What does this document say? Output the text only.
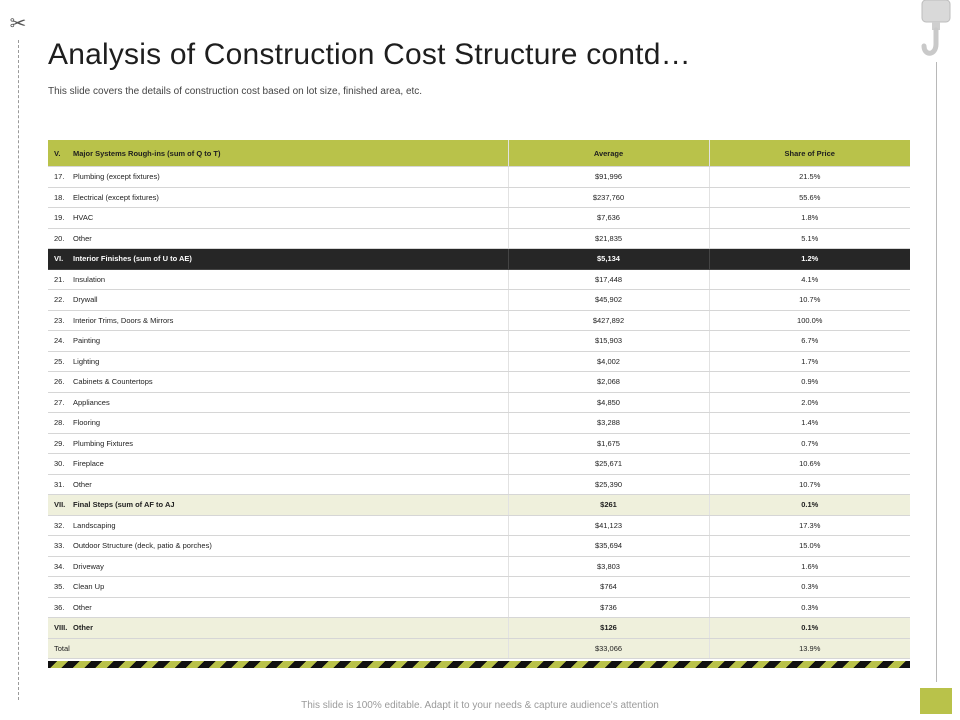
✂
Analysis of Construction Cost Structure contd…

This slide covers the details of construction cost based on lot size, finished area, etc.

V. Major Systems Rough-ins (sum of Q to T)	Average	Share of Price
17. Plumbing (except fixtures)	$91,996	21.5%
18. Electrical (except fixtures)	$237,760	55.6%
19. HVAC	$7,636	1.8%
20. Other	$21,835	5.1%
VI. Interior Finishes (sum of U to AE)	$5,134	1.2%
21. Insulation	$17,448	4.1%
22. Drywall	$45,902	10.7%
23. Interior Trims, Doors & Mirrors	$427,892	100.0%
24. Painting	$15,903	6.7%
25. Lighting	$4,002	1.7%
26. Cabinets & Countertops	$2,068	0.9%
27. Appliances	$4,850	2.0%
28. Flooring	$3,288	1.4%
29. Plumbing Fixtures	$1,675	0.7%
30. Fireplace	$25,671	10.6%
31. Other	$25,390	10.7%
VII. Final Steps (sum of AF to AJ	$261	0.1%
32. Landscaping	$41,123	17.3%
33. Outdoor Structure (deck, patio & porches)	$35,694	15.0%
34. Driveway	$3,803	1.6%
35. Clean Up	$764	0.3%
36. Other	$736	0.3%
VIII. Other	$126	0.1%
Total	$33,066	13.9%
This slide is 100% editable. Adapt it to your needs & capture audience's attention
